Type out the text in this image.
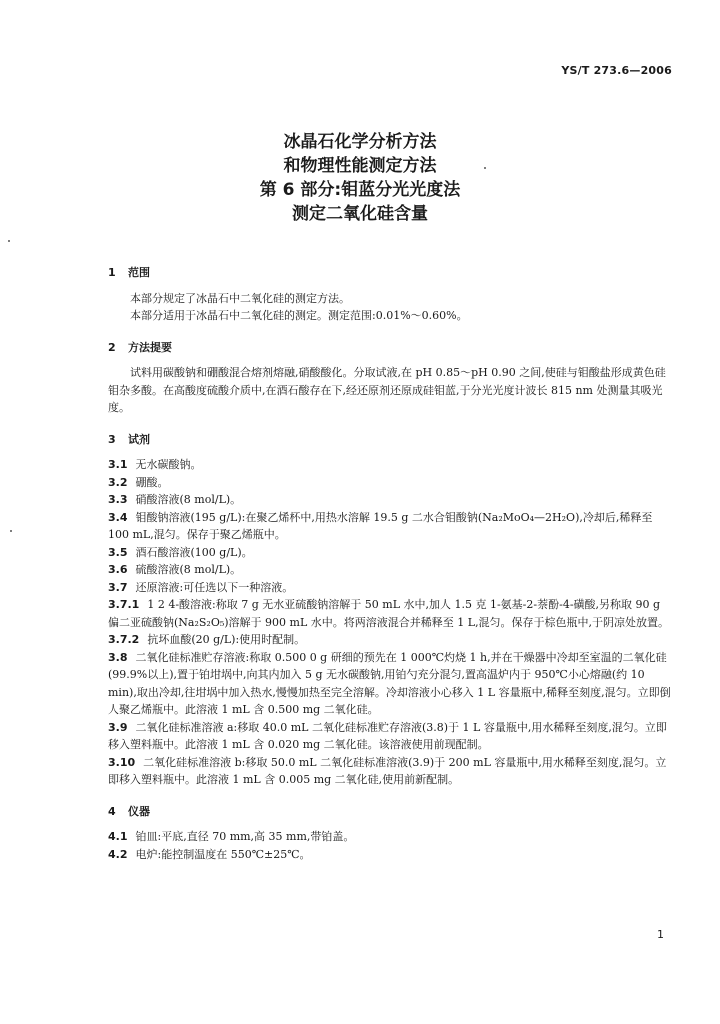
YS/T 273.6—2006
冰晶石化学分析方法
和物理性能测定方法
第 6 部分:钼蓝分光光度法
测定二氧化硅含量
1 范围

本部分规定了冰晶石中二氧化硅的测定方法。

本部分适用于冰晶石中二氧化硅的测定。测定范围:0.01%～0.60%。

2 方法提要

试料用碳酸钠和硼酸混合熔剂熔融,硝酸酸化。分取试液,在 pH 0.85～pH 0.90 之间,使硅与钼酸盐形成黄色硅钼杂多酸。在高酸度硫酸介质中,在酒石酸存在下,经还原剂还原成硅钼蓝,于分光光度计波长 815 nm 处测量其吸光度。

3 试剂

3.1 无水碳酸钠。

3.2 硼酸。

3.3 硝酸溶液(8 mol/L)。

3.4 钼酸钠溶液(195 g/L):在聚乙烯杯中,用热水溶解 19.5 g 二水合钼酸钠(Na₂MoO₄—2H₂O),冷却后,稀释至 100 mL,混匀。保存于聚乙烯瓶中。

3.5 酒石酸溶液(100 g/L)。

3.6 硫酸溶液(8 mol/L)。

3.7 还原溶液:可任选以下一种溶液。

3.7.1 1 2 4-酸溶液:称取 7 g 无水亚硫酸钠溶解于 50 mL 水中,加人 1.5 克 1-氨基-2-萘酚-4-磺酸,另称取 90 g 偏二亚硫酸钠(Na₂S₂O₅)溶解于 900 mL 水中。将两溶液混合并稀释至 1 L,混匀。保存于棕色瓶中,于阴凉处放置。

3.7.2 抗坏血酸(20 g/L):使用时配制。

3.8 二氧化硅标准贮存溶液:称取 0.500 0 g 研细的预先在 1 000℃灼烧 1 h,并在干燥器中冷却至室温的二氧化硅(99.9%以上),置于铂坩埚中,向其内加入 5 g 无水碳酸钠,用铂勺充分混匀,置高温炉内于 950℃小心熔融(约 10 min),取出冷却,往坩埚中加入热水,慢慢加热至完全溶解。冷却溶液小心移入 1 L 容量瓶中,稀释至刻度,混匀。立即倒人聚乙烯瓶中。此溶液 1 mL 含 0.500 mg 二氧化硅。

3.9 二氧化硅标准溶液 a:移取 40.0 mL 二氧化硅标准贮存溶液(3.8)于 1 L 容量瓶中,用水稀释至刻度,混匀。立即移入塑料瓶中。此溶液 1 mL 含 0.020 mg 二氧化硅。该溶液使用前现配制。

3.10 二氧化硅标准溶液 b:移取 50.0 mL 二氧化硅标准溶液(3.9)于 200 mL 容量瓶中,用水稀释至刻度,混匀。立即移入塑料瓶中。此溶液 1 mL 含 0.005 mg 二氧化硅,使用前新配制。

4 仪器

4.1 铂皿:平底,直径 70 mm,高 35 mm,带铂盖。

4.2 电炉:能控制温度在 550℃±25℃。

1
